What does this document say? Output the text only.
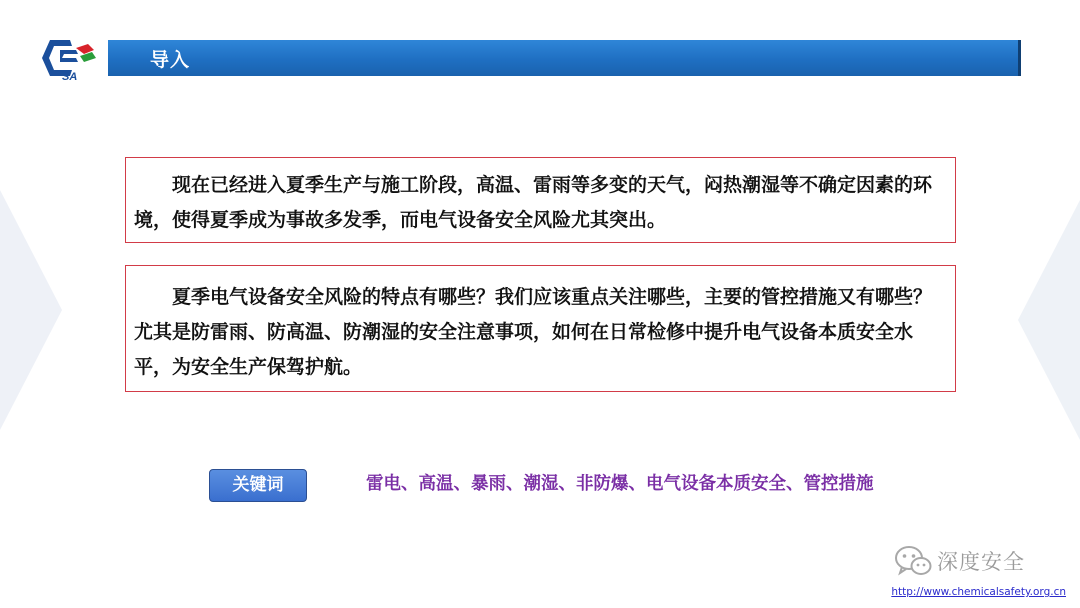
SA
导入
现在已经进入夏季生产与施工阶段，高温、雷雨等多变的天气，闷热潮湿等不确定因素的环境，使得夏季成为事故多发季，而电气设备安全风险尤其突出。
夏季电气设备安全风险的特点有哪些？我们应该重点关注哪些，主要的管控措施又有哪些？尤其是防雷雨、防高温、防潮湿的安全注意事项，如何在日常检修中提升电气设备本质安全水平，为安全生产保驾护航。
关键词	雷电、高温、暴雨、潮湿、非防爆、电气设备本质安全、管控措施
深度安全
http://www.chemicalsafety.org.cn
